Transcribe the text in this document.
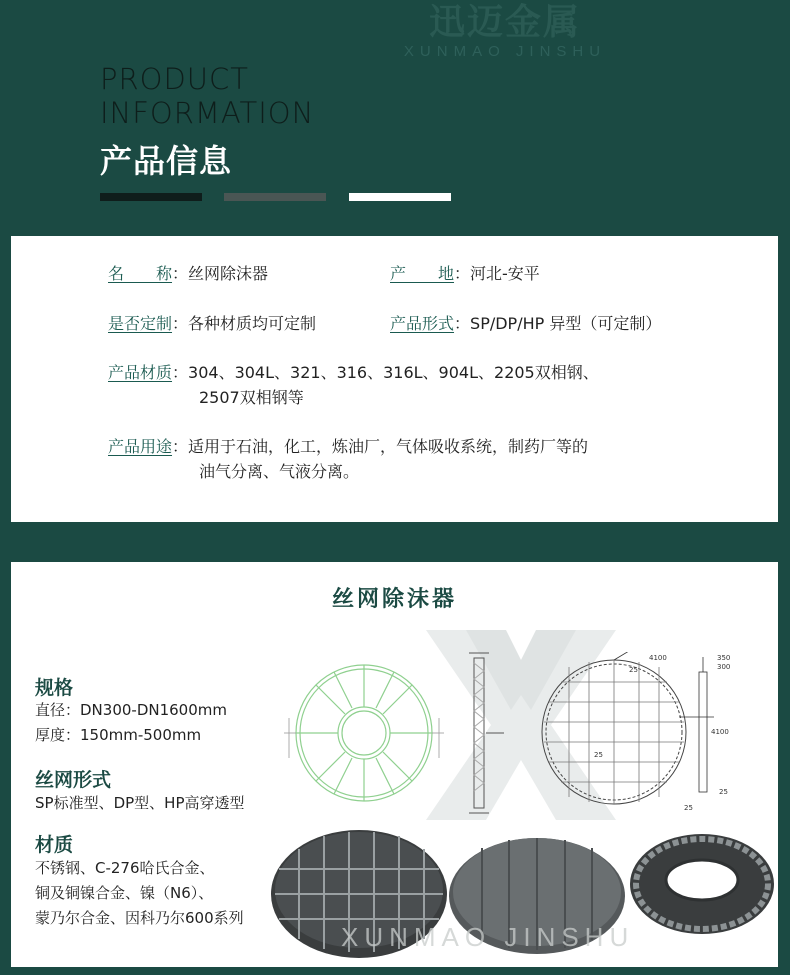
迅迈金属
XUNMAO JINSHU
PRODUCT
INFORMATION
产品信息
名　　称：丝网除沫器	产　　地：河北-安平
是否定制：各种材质均可定制	产品形式：SP/DP/HP 异型（可定制）
产品材质：304、304L、321、316、316L、904L、2205双相钢、
2507双相钢等
产品用途：适用于石油，化工，炼油厂，气体吸收系统，制药厂等的
油气分离、气液分离。
丝网除沫器
规格
直径：DN300-DN1600mm
厚度：150mm-500mm
丝网形式
SP标准型、DP型、HP高穿透型
材质
不锈钢、C-276哈氏合金、
铜及铜镍合金、镍（N6）、
蒙乃尔合金、因科乃尔600系列
25
4100	350
300
4100
25
25
25
XUNMAO JINSHU
